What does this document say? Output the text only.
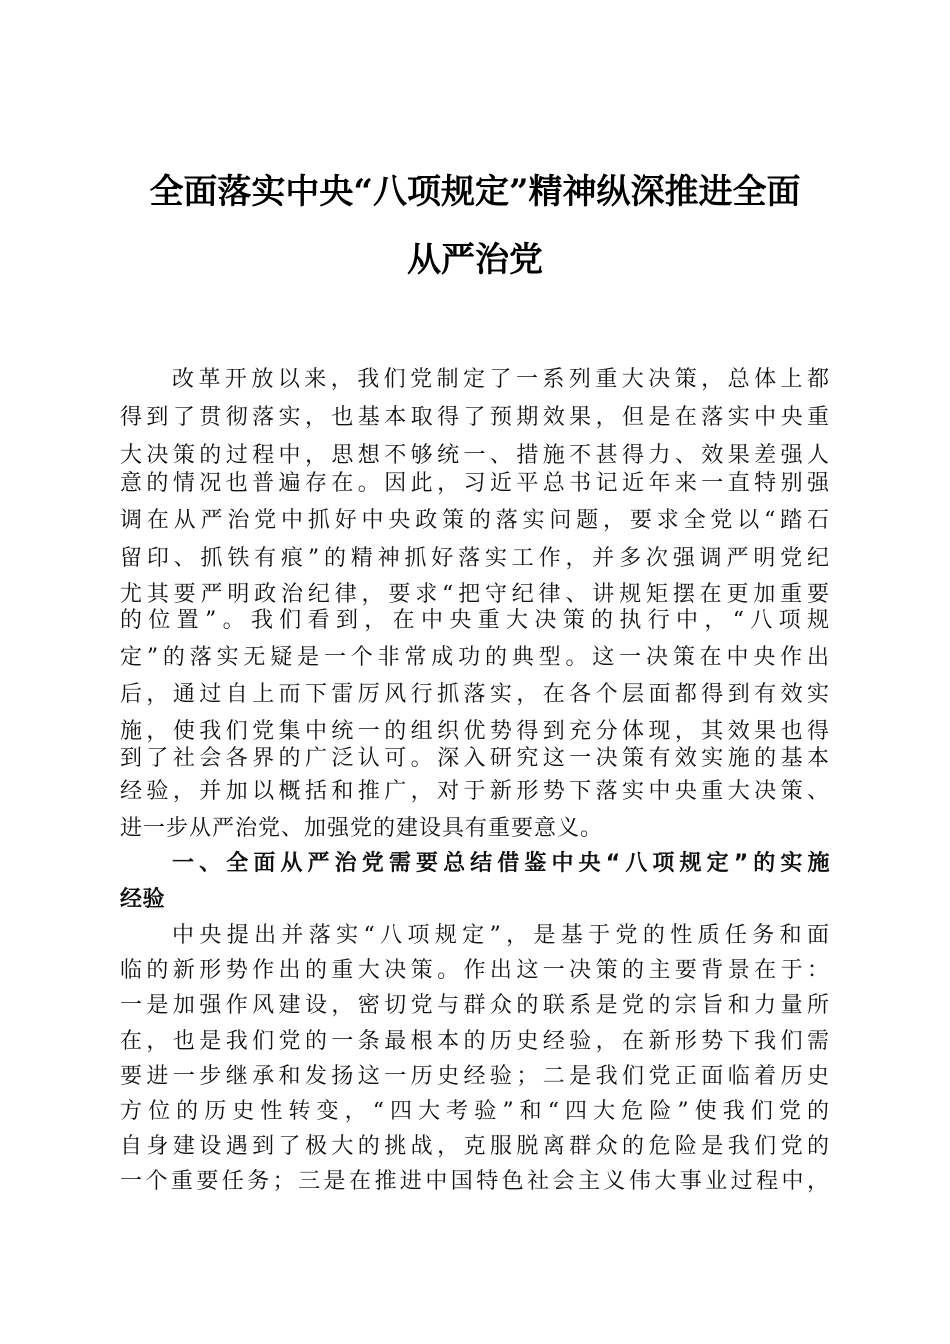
全面落实中央“八项规定”精神纵深推进全面
从严治党
改革开放以来，我们党制定了一系列重大决策，总体上都
得到了贯彻落实，也基本取得了预期效果，但是在落实中央重
大决策的过程中，思想不够统一、措施不甚得力、效果差强人
意的情况也普遍存在。因此，习近平总书记近年来一直特别强
调在从严治党中抓好中央政策的落实问题，要求全党以“踏石
留印、抓铁有痕”的精神抓好落实工作，并多次强调严明党纪
尤其要严明政治纪律，要求“把守纪律、讲规矩摆在更加重要
的位置”。我们看到，在中央重大决策的执行中，“八项规
定”的落实无疑是一个非常成功的典型。这一决策在中央作出
后，通过自上而下雷厉风行抓落实，在各个层面都得到有效实
施，使我们党集中统一的组织优势得到充分体现，其效果也得
到了社会各界的广泛认可。深入研究这一决策有效实施的基本
经验，并加以概括和推广，对于新形势下落实中央重大决策、
进一步从严治党、加强党的建设具有重要意义。
一、全面从严治党需要总结借鉴中央“八项规定”的实施
经验
中央提出并落实“八项规定”，是基于党的性质任务和面
临的新形势作出的重大决策。作出这一决策的主要背景在于：
一是加强作风建设，密切党与群众的联系是党的宗旨和力量所
在，也是我们党的一条最根本的历史经验，在新形势下我们需
要进一步继承和发扬这一历史经验；二是我们党正面临着历史
方位的历史性转变，“四大考验”和“四大危险”使我们党的
自身建设遇到了极大的挑战，克服脱离群众的危险是我们党的
一个重要任务；三是在推进中国特色社会主义伟大事业过程中，
